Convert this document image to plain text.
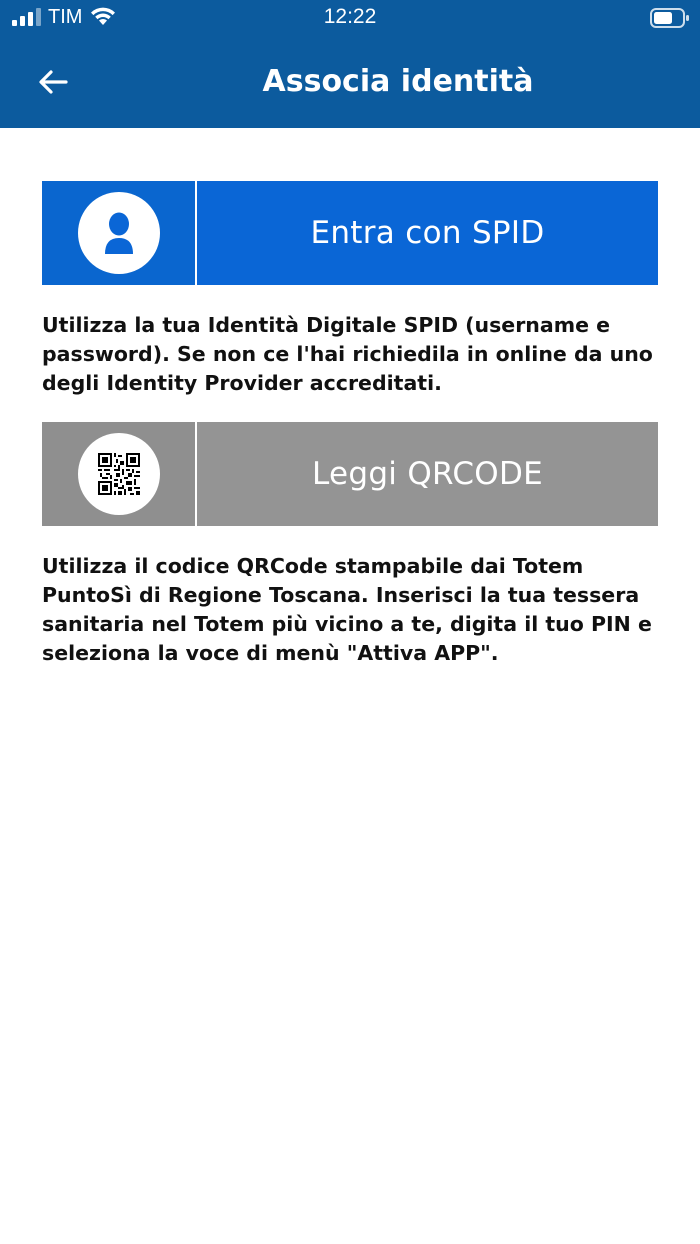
TIM	12:22
Associa identità
Entra con SPID
Utilizza la tua Identità Digitale SPID (username e password). Se non ce l'hai richiedila in online da uno degli Identity Provider accreditati.
Leggi QRCODE
Utilizza il codice QRCode stampabile dai Totem PuntoSì di Regione Toscana. Inserisci la tua tessera sanitaria nel Totem più vicino a te, digita il tuo PIN e seleziona la voce di menù "Attiva APP".
